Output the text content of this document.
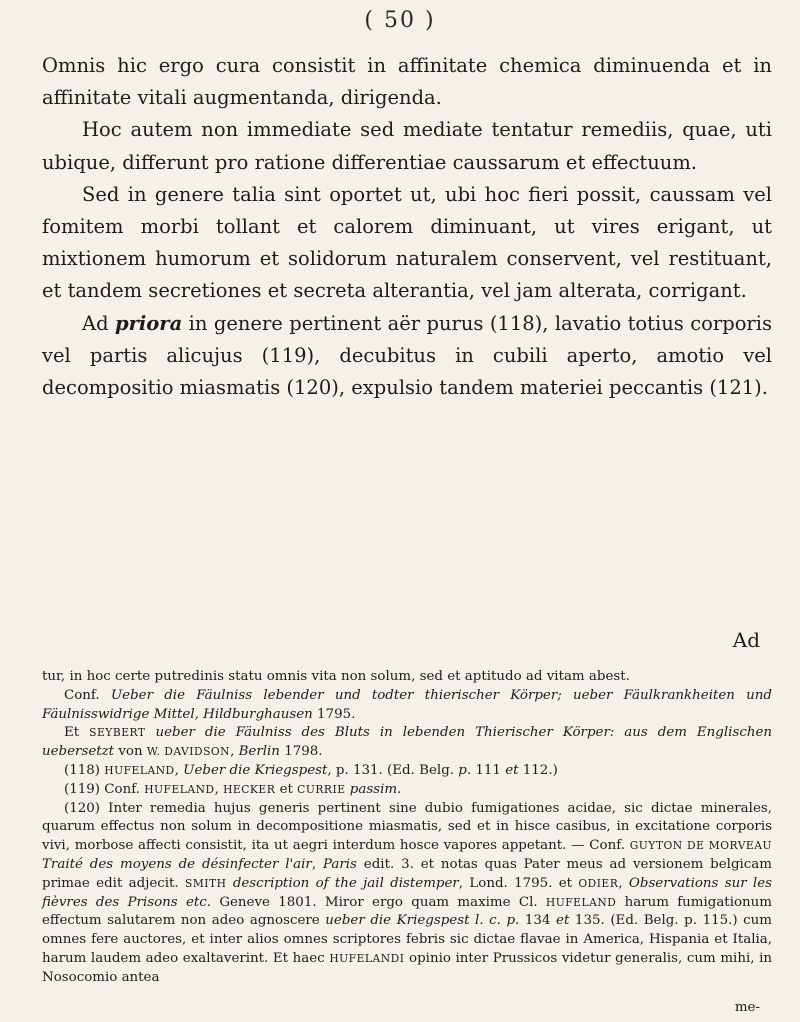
( 50 )

Omnis hic ergo cura consistit in affinitate chemica diminuenda et in affinitate vitali augmentanda, dirigenda.

Hoc autem non immediate sed mediate tentatur remediis, quae, uti ubique, differunt pro ratione differentiae caussarum et effectuum.

Sed in genere talia sint oportet ut, ubi hoc fieri possit, caussam vel fomitem morbi tollant et calorem diminuant, ut vires erigant, ut mixtionem humorum et solidorum naturalem conservent, vel restituant, et tandem secretiones et secreta alterantia, vel jam alterata, corrigant.

Ad priora in genere pertinent aër purus (118), lavatio totius corporis vel partis alicujus (119), decubitus in cubili aperto, amotio vel decompositio miasmatis (120), expulsio tandem materiei peccantis (121).

Ad

tur, in hoc certe putredinis statu omnis vita non solum, sed et aptitudo ad vitam abest.

Conf. Ueber die Fäulniss lebender und todter thierischer Körper; ueber Fäulkrankheiten und Fäulnisswidrige Mittel, Hildburghausen 1795.

Et SEYBERT ueber die Fäulniss des Bluts in lebenden Thierischer Körper: aus dem Englischen uebersetzt von W. DAVIDSON, Berlin 1798.

(118) HUFELAND, Ueber die Kriegspest, p. 131. (Ed. Belg. p. 111 et 112.)

(119) Conf. HUFELAND, HECKER et CURRIE passim.

(120) Inter remedia hujus generis pertinent sine dubio fumigationes acidae, sic dictae minerales, quarum effectus non solum in decompositione miasmatis, sed et in hisce casibus, in excitatione corporis vivi, morbose affecti consistit, ita ut aegri interdum hosce vapores appetant. — Conf. GUYTON DE MORVEAU Traité des moyens de désinfecter l'air, Paris edit. 3. et notas quas Pater meus ad versionem belgicam primae edit adjecit. SMITH description of the jail distemper, Lond. 1795. et ODIER, Observations sur les fièvres des Prisons etc. Geneve 1801. Miror ergo quam maxime Cl. HUFELAND harum fumigationum effectum salutarem non adeo agnoscere ueber die Kriegspest l. c. p. 134 et 135. (Ed. Belg. p. 115.) cum omnes fere auctores, et inter alios omnes scriptores febris sic dictae flavae in America, Hispania et Italia, harum laudem adeo exaltaverint. Et haec HUFELANDI opinio inter Prussicos videtur generalis, cum mihi, in Nosocomio antea

me-
